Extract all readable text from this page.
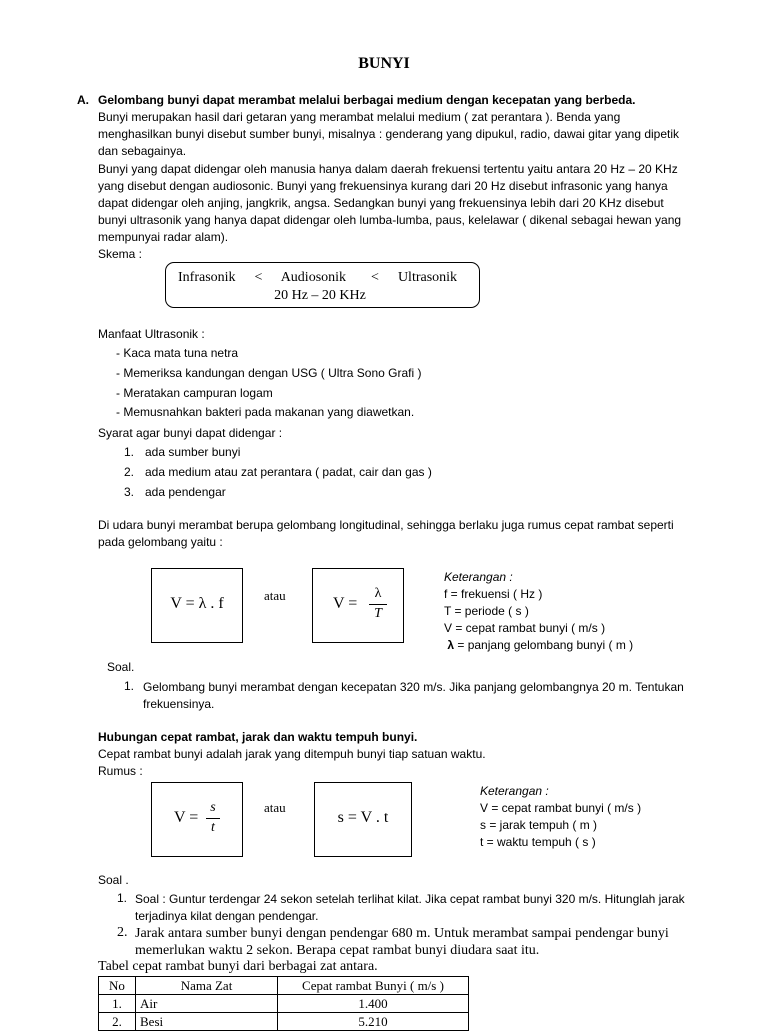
BUNYI
A. Gelombang bunyi dapat merambat melalui berbagai medium dengan kecepatan yang berbeda.
Bunyi merupakan hasil dari getaran yang merambat melalui medium ( zat perantara ). Benda yang
menghasilkan bunyi disebut sumber bunyi, misalnya : genderang yang dipukul, radio, dawai gitar yang dipetik
dan sebagainya.
Bunyi yang dapat didengar oleh manusia hanya dalam daerah frekuensi tertentu yaitu antara 20 Hz – 20 KHz
yang disebut dengan audiosonic. Bunyi yang frekuensinya kurang dari 20 Hz disebut infrasonic yang hanya
dapat didengar oleh anjing, jangkrik, angsa. Sedangkan bunyi yang frekuensinya lebih dari 20 KHz disebut
bunyi ultrasonik yang hanya dapat didengar oleh lumba-lumba, paus, kelelawar ( dikenal sebagai hewan yang
mempunyai radar alam).
Skema :
Infrasonik < Audiosonik < Ultrasonik
20 Hz – 20 KHz
Manfaat Ultrasonik :
- Kaca mata tuna netra
- Memeriksa kandungan dengan USG ( Ultra Sono Grafi )
- Meratakan campuran logam
- Memusnahkan bakteri pada makanan yang diawetkan.
Syarat agar bunyi dapat didengar :
1. ada sumber bunyi
2. ada medium atau zat perantara ( padat, cair dan gas )
3. ada pendengar
Di udara bunyi merambat berupa gelombang longitudinal, sehingga berlaku juga rumus cepat rambat seperti
pada gelombang yaitu :
V = λ . f	atau	V =
λ
T
Keterangan :
f = frekuensi ( Hz )
T = periode ( s )
V = cepat rambat bunyi ( m/s )
λ = panjang gelombang bunyi ( m )
Soal.
1. Gelombang bunyi merambat dengan kecepatan 320 m/s. Jika panjang gelombangnya 20 m. Tentukan
frekuensinya.
Hubungan cepat rambat, jarak dan waktu tempuh bunyi.
Cepat rambat bunyi adalah jarak yang ditempuh bunyi tiap satuan waktu.
Rumus :
V =
s
t
atau
s = V . t
Keterangan :
V = cepat rambat bunyi ( m/s )
s = jarak tempuh ( m )
t = waktu tempuh ( s )
Soal .
1. Soal : Guntur terdengar 24 sekon setelah terlihat kilat. Jika cepat rambat bunyi 320 m/s. Hitunglah jarak
terjadinya kilat dengan pendengar.
2. Jarak antara sumber bunyi dengan pendengar 680 m. Untuk merambat sampai pendengar bunyi
memerlukan waktu 2 sekon. Berapa cepat rambat bunyi diudara saat itu.
Tabel cepat rambat bunyi dari berbagai zat antara.
No	Nama Zat	Cepat rambat Bunyi ( m/s )
1.	Air	1.400
2.	Besi	5.210
